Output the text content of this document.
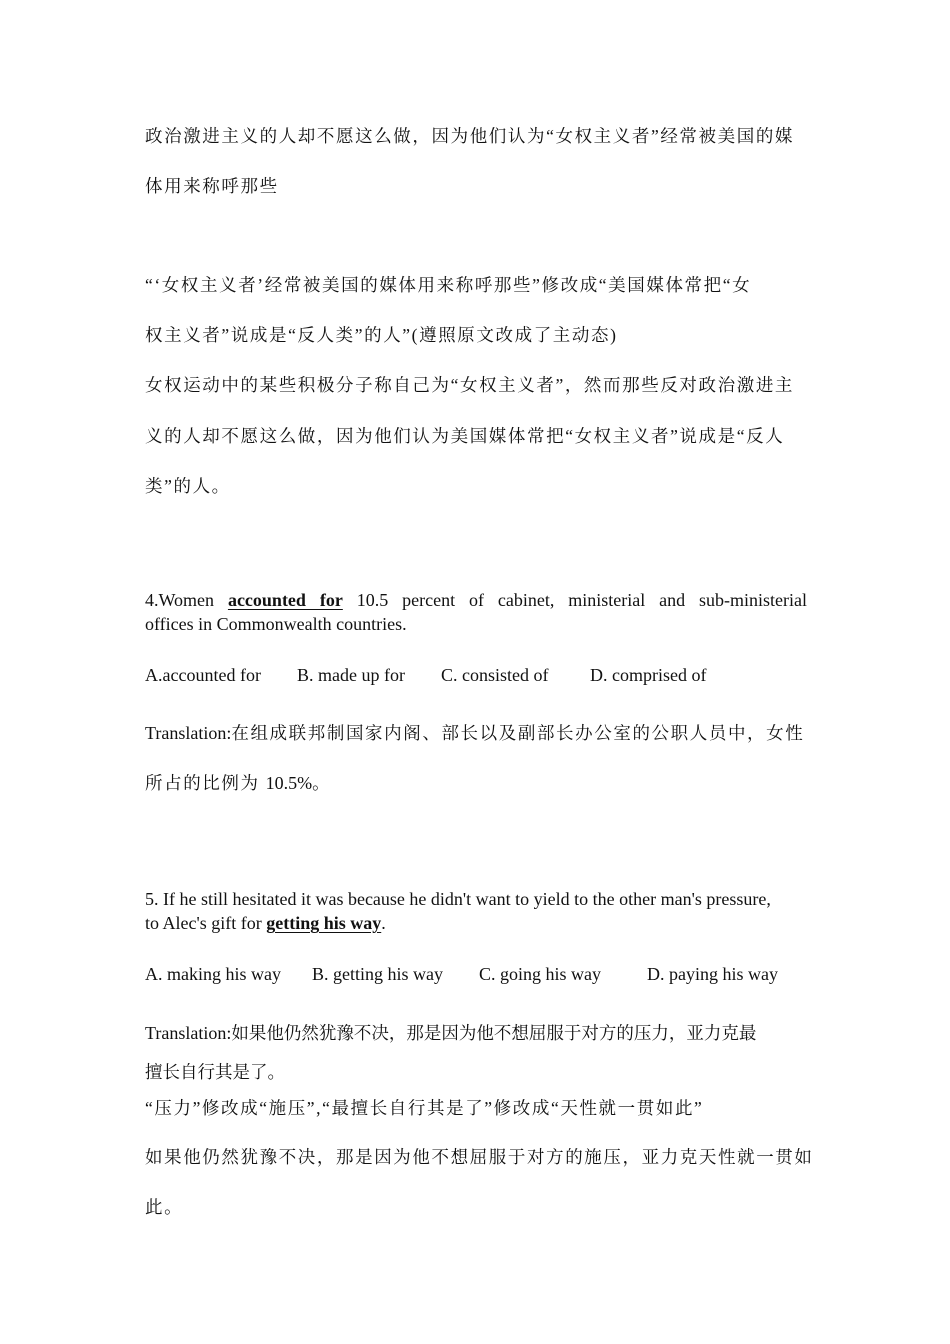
政治激进主义的人却不愿这么做，因为他们认为“女权主义者”经常被美国的媒
体用来称呼那些
“‘女权主义者’经常被美国的媒体用来称呼那些”修改成“美国媒体常把“女
权主义者”说成是“反人类”的人”(遵照原文改成了主动态)
女权运动中的某些积极分子称自己为“女权主义者”，然而那些反对政治激进主
义的人却不愿这么做，因为他们认为美国媒体常把“女权主义者”说成是“反人
类”的人。
4.Women accounted for 10.5 percent of cabinet, ministerial and sub-ministerial
offices in Commonwealth countries.
A.accounted for B. made up for C. consisted of D. comprised of
Translation:在组成联邦制国家内阁、部长以及副部长办公室的公职人员中，女性
所占的比例为 10.5%。
5. If he still hesitated it was because he didn't want to yield to the other man's pressure,
to Alec's gift for getting his way.
A. making his way B. getting his way C. going his way	D. paying his way
Translation:如果他仍然犹豫不决，那是因为他不想屈服于对方的压力，亚力克最
擅长自行其是了。
“压力”修改成“施压”,“最擅长自行其是了”修改成“天性就一贯如此”
如果他仍然犹豫不决，那是因为他不想屈服于对方的施压，亚力克天性就一贯如
此。
